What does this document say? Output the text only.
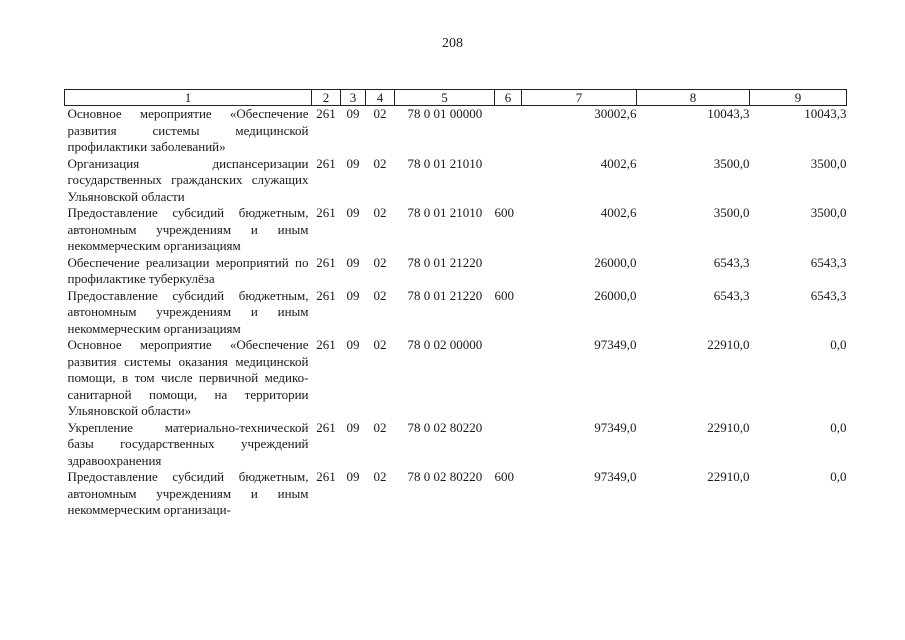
208
1	2	3	4	5	6	7	8	9
Основное мероприятие «Обеспечение развития системы медицинской профилактики заболеваний»	261	09	02	78 0 01 00000		30002,6	10043,3	10043,3
Организация диспансеризации государственных гражданских служащих Ульяновской области	261	09	02	78 0 01 21010		4002,6	3500,0	3500,0
Предоставление субсидий бюджетным, автономным учреждениям и иным некоммерческим организациям	261	09	02	78 0 01 21010	600	4002,6	3500,0	3500,0
Обеспечение реализации мероприятий по профилактике туберкулёза	261	09	02	78 0 01 21220		26000,0	6543,3	6543,3
Предоставление субсидий бюджетным, автономным учреждениям и иным некоммерческим организациям	261	09	02	78 0 01 21220	600	26000,0	6543,3	6543,3
Основное мероприятие «Обеспечение развития системы оказания медицинской помощи, в том числе первичной медико-санитарной помощи, на территории Ульяновской области»	261	09	02	78 0 02 00000		97349,0	22910,0	0,0
Укрепление материально-технической базы государственных учреждений здравоохранения	261	09	02	78 0 02 80220		97349,0	22910,0	0,0
Предоставление субсидий бюджетным, автономным учреждениям и иным некоммерческим организаци-	261	09	02	78 0 02 80220	600	97349,0	22910,0	0,0
